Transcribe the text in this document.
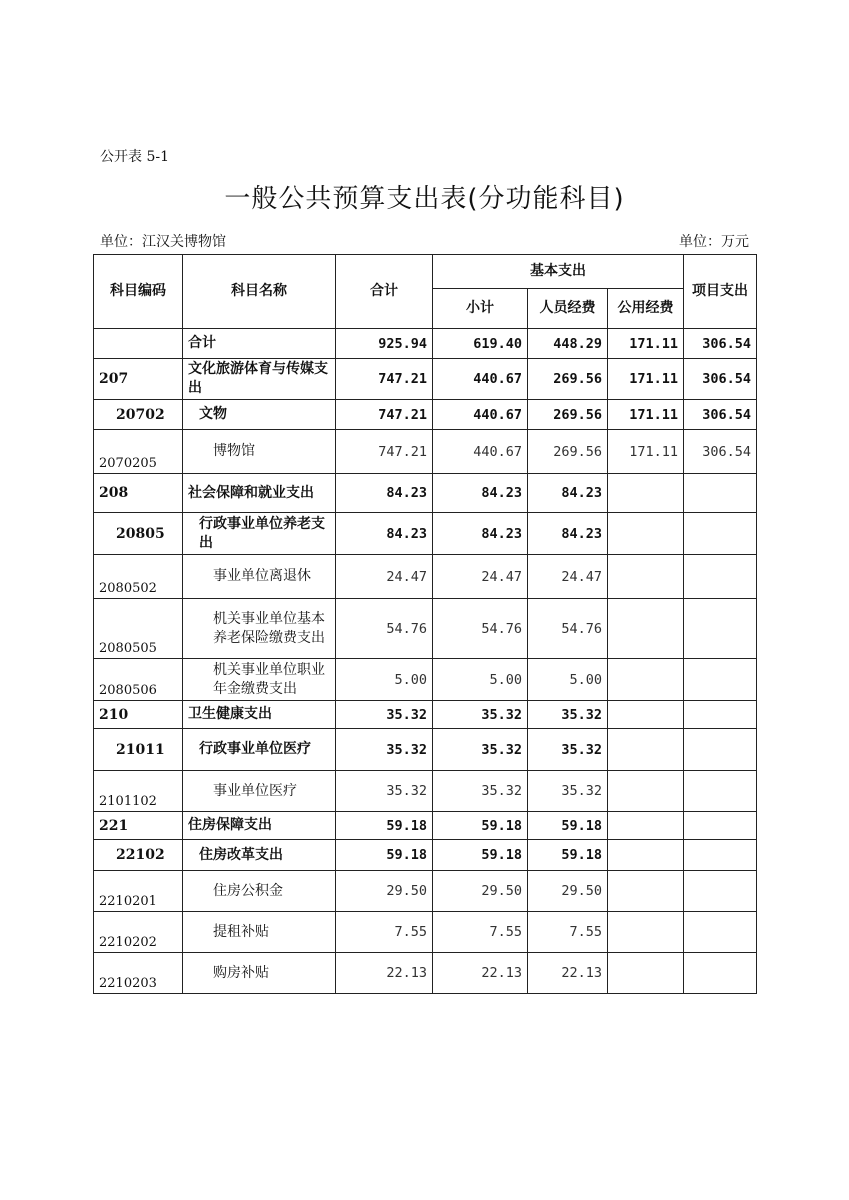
公开表 5-1
一般公共预算支出表(分功能科目)
单位：江汉关博物馆	单位：万元
科目编码	科目名称	合计	基本支出			项目支出
			小计	人员经费	公用经费	
	合计	925.94	619.40	448.29	171.11	306.54
207	文化旅游体育与传媒支出	747.21	440.67	269.56	171.11	306.54
20702	文物	747.21	440.67	269.56	171.11	306.54
2070205	博物馆	747.21	440.67	269.56	171.11	306.54
208	社会保障和就业支出	84.23	84.23	84.23		
20805	行政事业单位养老支出	84.23	84.23	84.23		
2080502	事业单位离退休	24.47	24.47	24.47		
2080505	机关事业单位基本养老保险缴费支出	54.76	54.76	54.76		
2080506	机关事业单位职业年金缴费支出	5.00	5.00	5.00		
210	卫生健康支出	35.32	35.32	35.32		
21011	行政事业单位医疗	35.32	35.32	35.32		
2101102	事业单位医疗	35.32	35.32	35.32		
221	住房保障支出	59.18	59.18	59.18		
22102	住房改革支出	59.18	59.18	59.18		
2210201	住房公积金	29.50	29.50	29.50		
2210202	提租补贴	7.55	7.55	7.55		
2210203	购房补贴	22.13	22.13	22.13		
